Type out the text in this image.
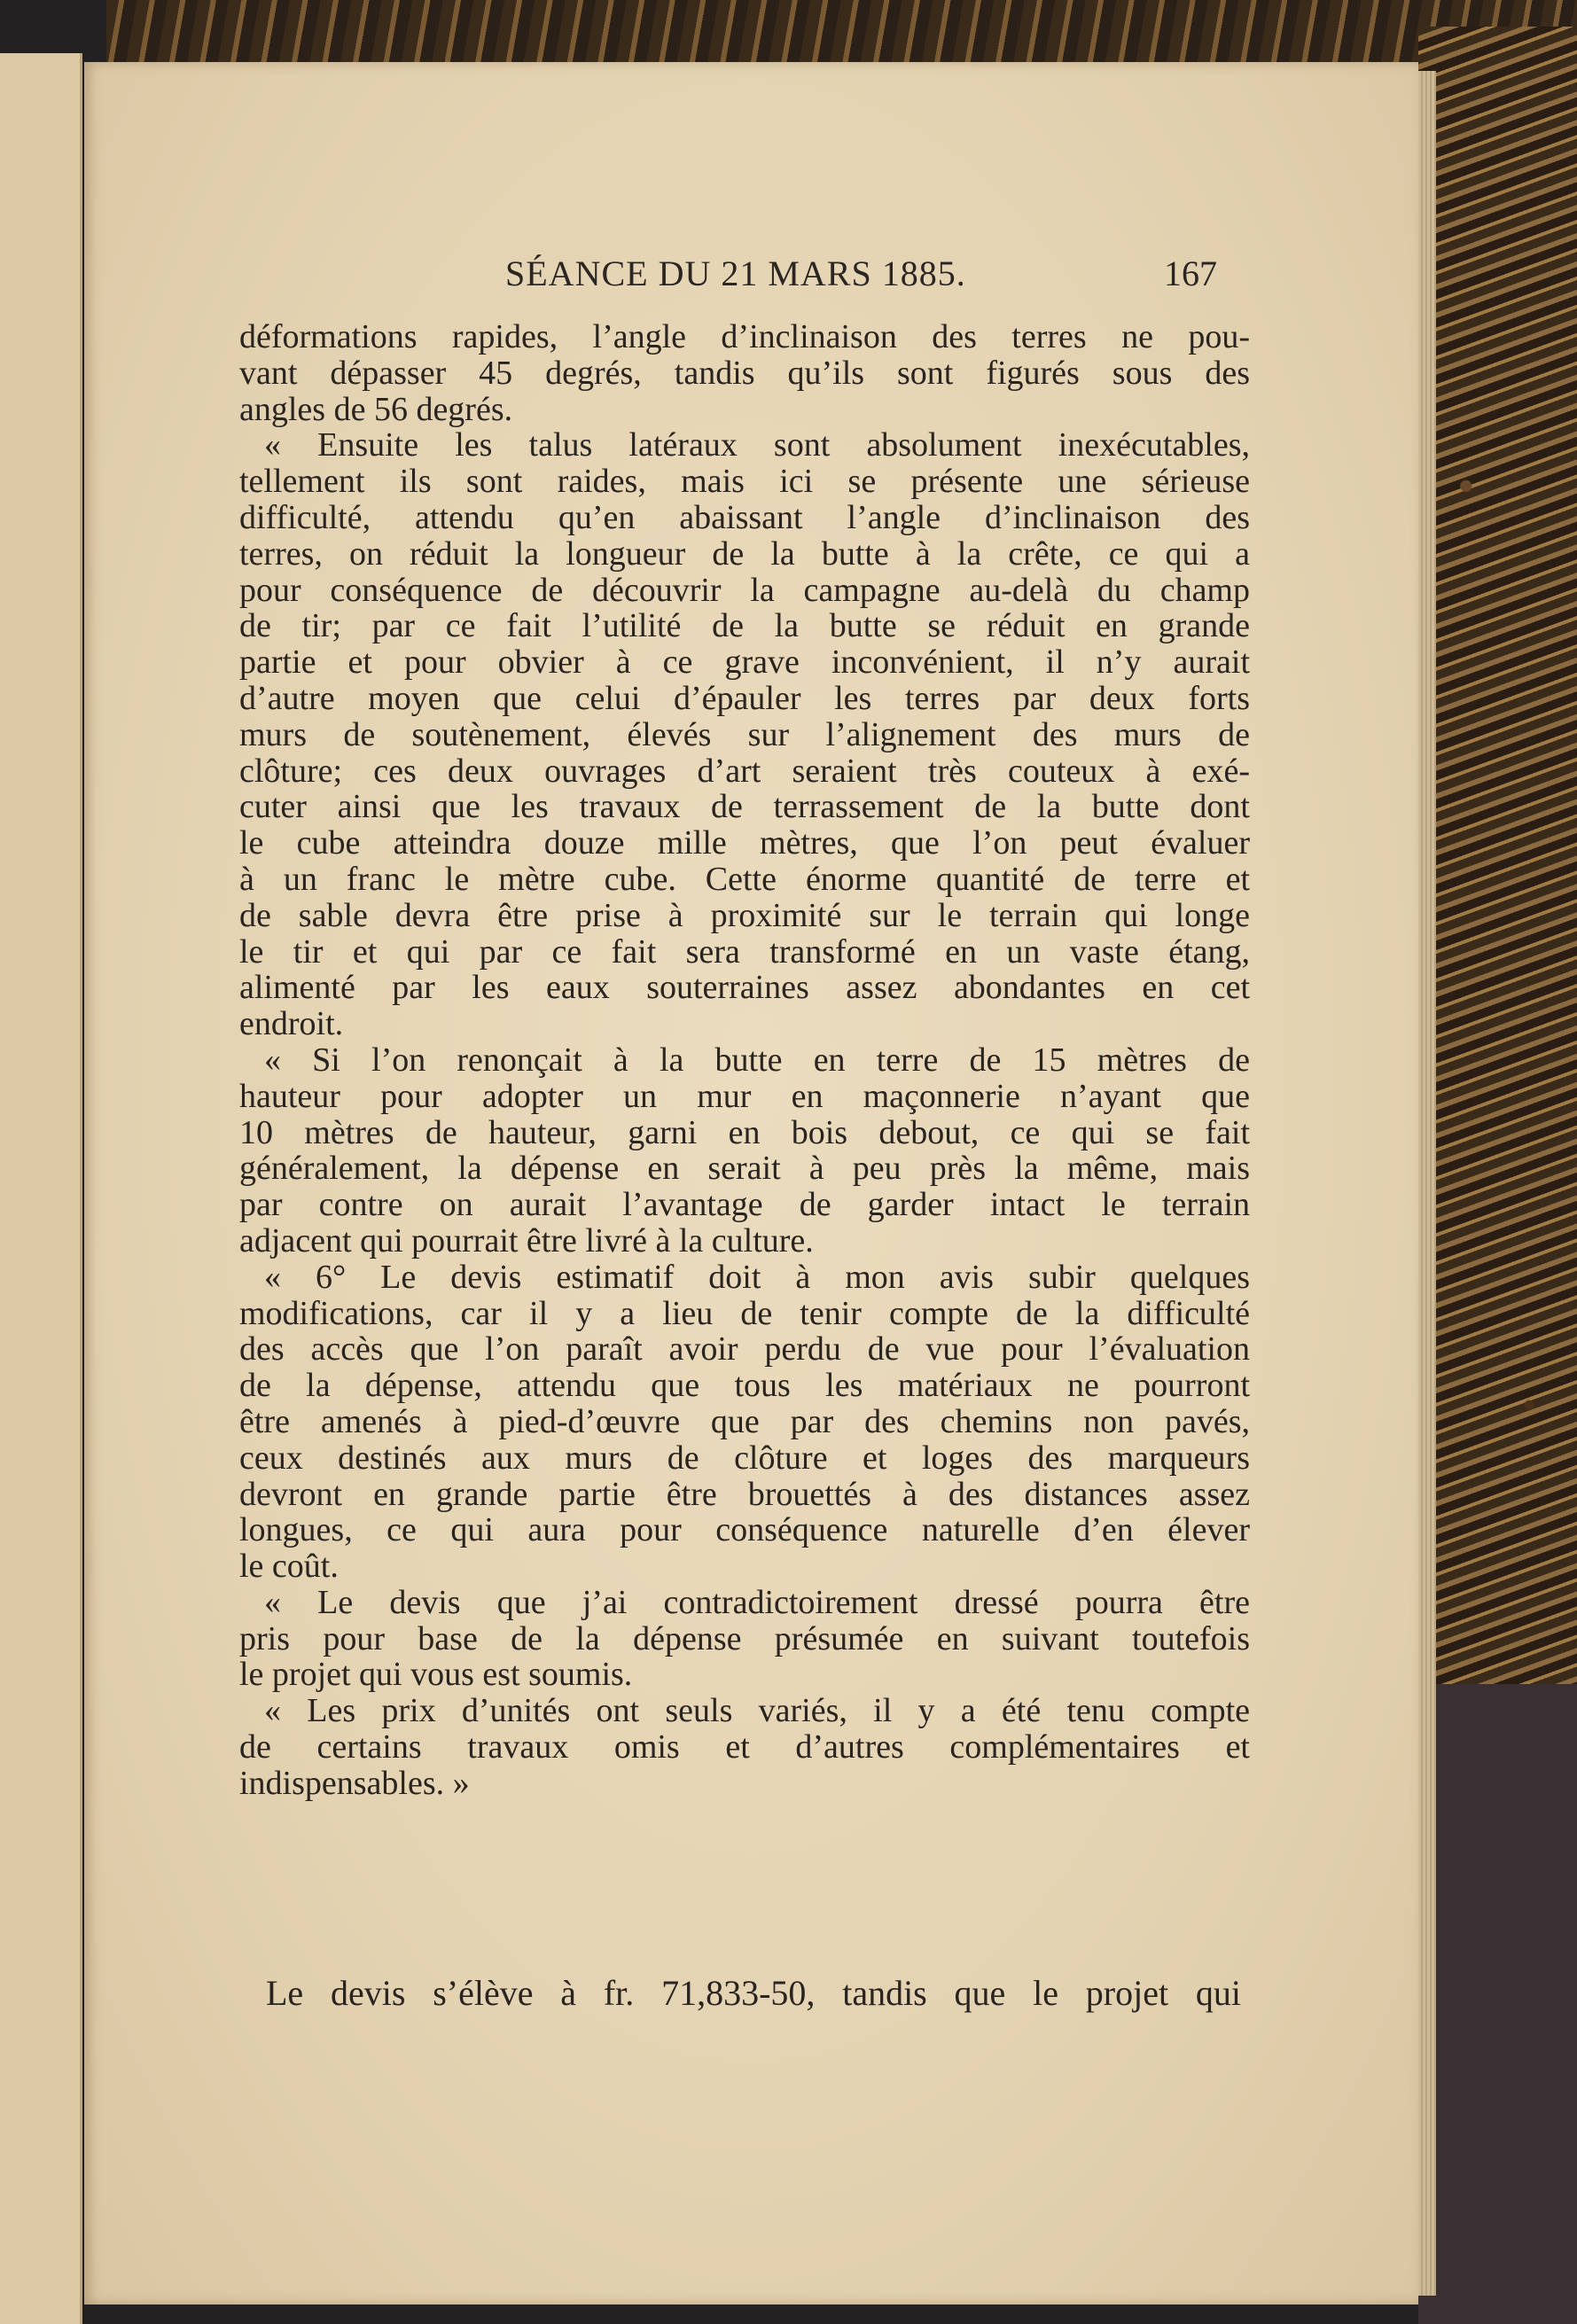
SÉANCE DU 21 MARS 1885.	167
déformations rapides, l’angle d’inclinaison des terres ne pou-
vant dépasser 45 degrés, tandis qu’ils sont figurés sous des
angles de 56 degrés.
« Ensuite les talus latéraux sont absolument inexécutables,
tellement ils sont raides, mais ici se présente une sérieuse
difficulté, attendu qu’en abaissant l’angle d’inclinaison des
terres, on réduit la longueur de la butte à la crête, ce qui a
pour conséquence de découvrir la campagne au-delà du champ
de tir; par ce fait l’utilité de la butte se réduit en grande
partie et pour obvier à ce grave inconvénient, il n’y aurait
d’autre moyen que celui d’épauler les terres par deux forts
murs de soutènement, élevés sur l’alignement des murs de
clôture; ces deux ouvrages d’art seraient très couteux à exé-
cuter ainsi que les travaux de terrassement de la butte dont
le cube atteindra douze mille mètres, que l’on peut évaluer
à un franc le mètre cube. Cette énorme quantité de terre et
de sable devra être prise à proximité sur le terrain qui longe
le tir et qui par ce fait sera transformé en un vaste étang,
alimenté par les eaux souterraines assez abondantes en cet
endroit.
« Si l’on renonçait à la butte en terre de 15 mètres de
hauteur pour adopter un mur en maçonnerie n’ayant que
10 mètres de hauteur, garni en bois debout, ce qui se fait
généralement, la dépense en serait à peu près la même, mais
par contre on aurait l’avantage de garder intact le terrain
adjacent qui pourrait être livré à la culture.
« 6° Le devis estimatif doit à mon avis subir quelques
modifications, car il y a lieu de tenir compte de la difficulté
des accès que l’on paraît avoir perdu de vue pour l’évaluation
de la dépense, attendu que tous les matériaux ne pourront
être amenés à pied-d’œuvre que par des chemins non pavés,
ceux destinés aux murs de clôture et loges des marqueurs
devront en grande partie être brouettés à des distances assez
longues, ce qui aura pour conséquence naturelle d’en élever
le coût.
« Le devis que j’ai contradictoirement dressé pourra être
pris pour base de la dépense présumée en suivant toutefois
le projet qui vous est soumis.
« Les prix d’unités ont seuls variés, il y a été tenu compte
de certains travaux omis et d’autres complémentaires et
indispensables. »
Le devis s’élève à fr. 71,833-50, tandis que le projet qui
